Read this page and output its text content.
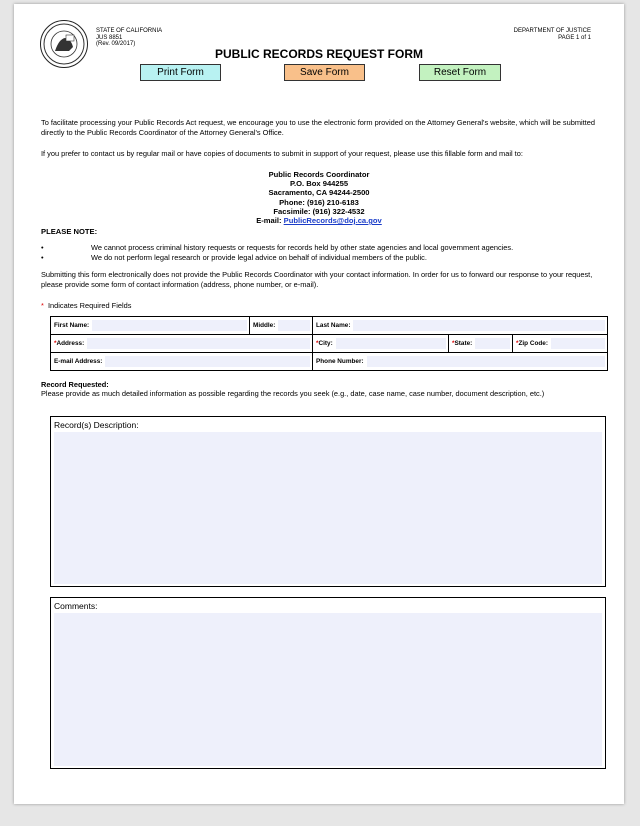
STATE OF CALIFORNIA
JUS 8851
(Rev. 09/2017)
DEPARTMENT OF JUSTICE
PAGE 1 of 1
PUBLIC RECORDS REQUEST FORM
Print Form	Save Form	Reset Form
To facilitate processing your Public Records Act request, we encourage you to use the electronic form provided on the Attorney General's website, which will be submitted directly to the Public Records Coordinator of the Attorney General's Office.
If you prefer to contact us by regular mail or have copies of documents to submit in support of your request, please use this fillable form and mail to:
Public Records Coordinator
P.O. Box 944255
Sacramento, CA 94244-2500
Phone: (916) 210-6183
Facsimile: (916) 322-4532
E-mail: PublicRecords@doj.ca.gov
PLEASE NOTE:
•	We cannot process criminal history requests or requests for records held by other state agencies and local government agencies.
•	We do not perform legal research or provide legal advice on behalf of individual members of the public.
Submitting this form electronically does not provide the Public Records Coordinator with your contact information. In order for us to forward our response to your request, please provide some form of contact information (address, phone number, or e-mail).
* Indicates Required Fields
First Name:	Middle:	Last Name:
*Address:	*City:	*State:	*Zip Code:
E-mail Address:	Phone Number:
Record Requested:
Please provide as much detailed information as possible regarding the records you seek (e.g., date, case name, case number, document description, etc.)
Record(s) Description:
Comments:
